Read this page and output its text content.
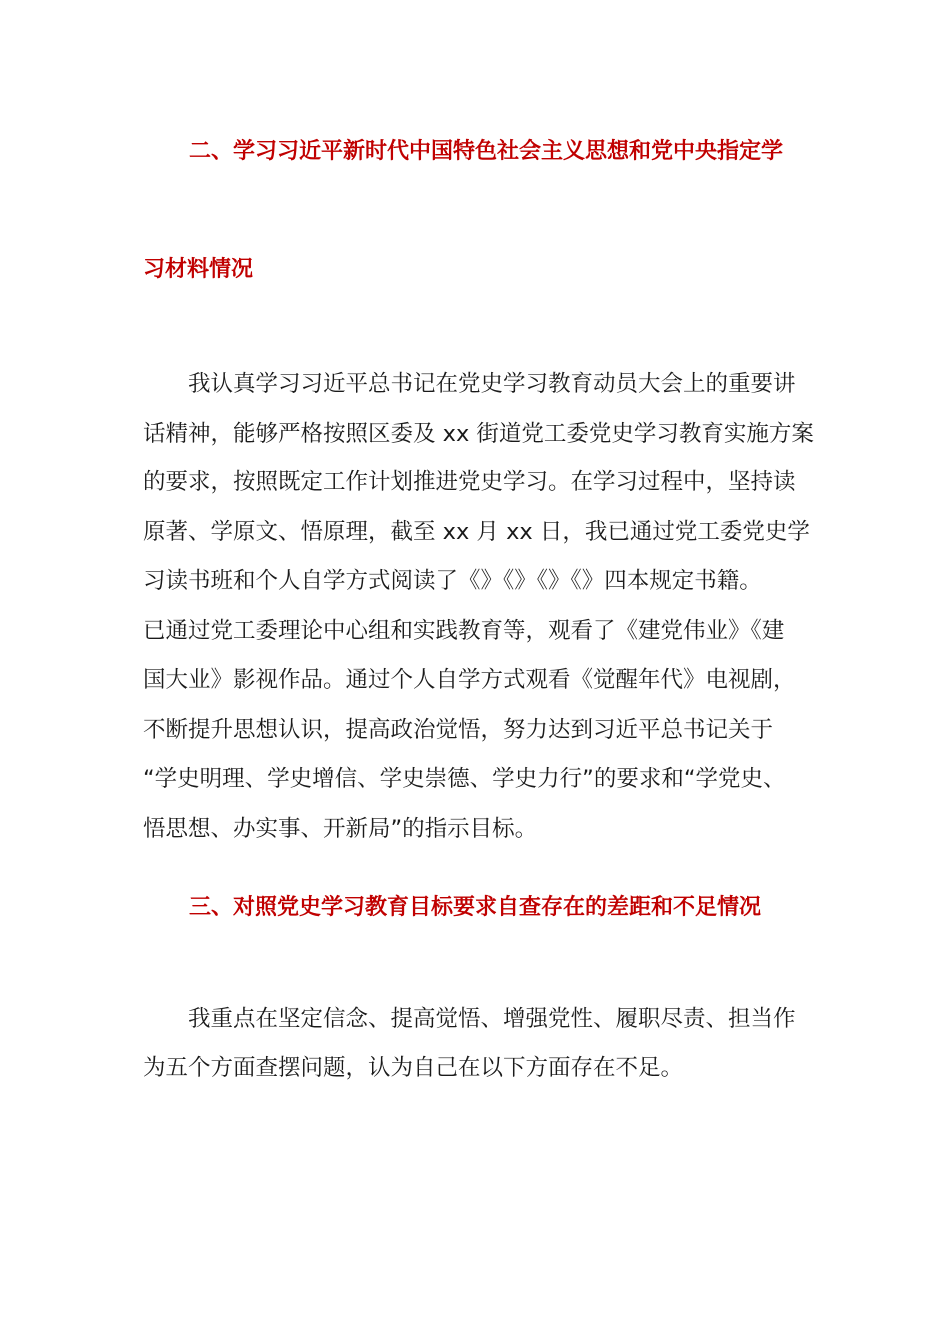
二、学习习近平新时代中国特色社会主义思想和党中央指定学
习材料情况
我认真学习习近平总书记在党史学习教育动员大会上的重要讲
话精神，能够严格按照区委及 xx 街道党工委党史学习教育实施方案
的要求，按照既定工作计划推进党史学习。在学习过程中，坚持读
原著、学原文、悟原理，截至 xx 月 xx 日，我已通过党工委党史学
习读书班和个人自学方式阅读了《》《》《》《》四本规定书籍。
已通过党工委理论中心组和实践教育等，观看了《建党伟业》《建
国大业》影视作品。通过个人自学方式观看《觉醒年代》电视剧，
不断提升思想认识，提高政治觉悟，努力达到习近平总书记关于
“学史明理、学史增信、学史崇德、学史力行”的要求和“学党史、
悟思想、办实事、开新局”的指示目标。
三、对照党史学习教育目标要求自查存在的差距和不足情况
我重点在坚定信念、提高觉悟、增强党性、履职尽责、担当作
为五个方面查摆问题，认为自己在以下方面存在不足。
